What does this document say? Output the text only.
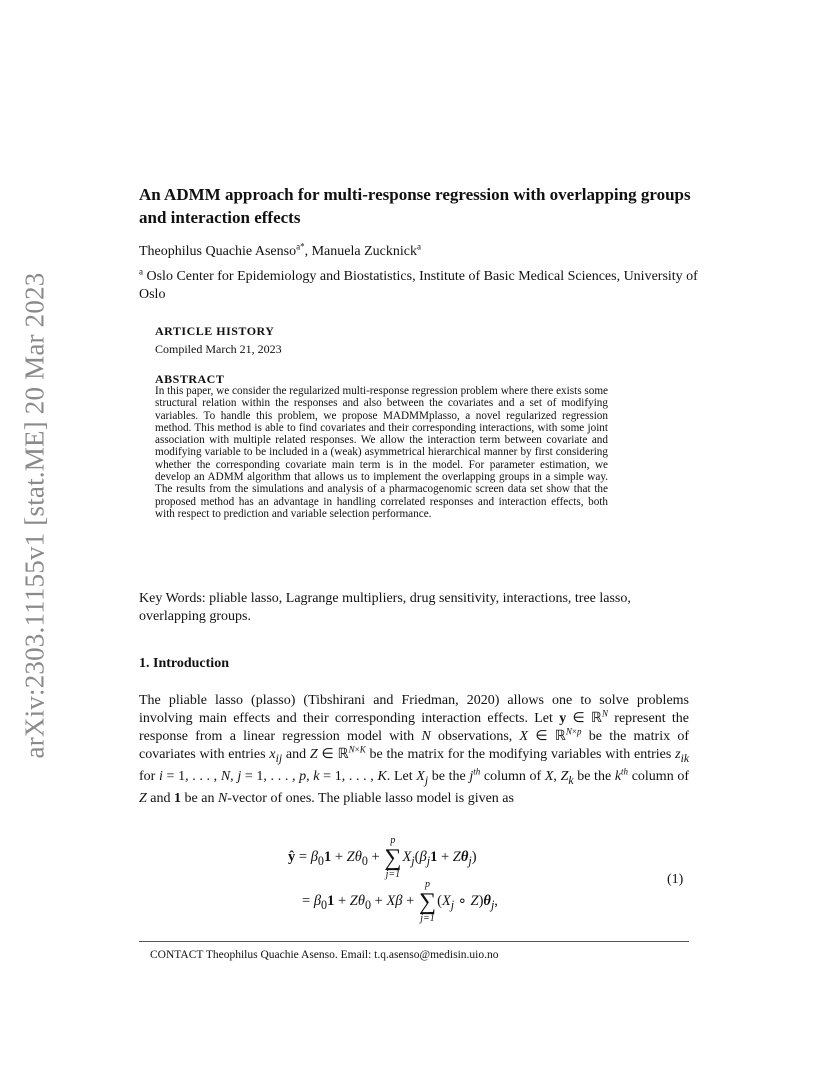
arXiv:2303.11155v1 [stat.ME] 20 Mar 2023
An ADMM approach for multi-response regression with overlapping groups and interaction effects
Theophilus Quachie Asenso$^{a*}$, Manuela Zucknick$^a$
$^a$ Oslo Center for Epidemiology and Biostatistics, Institute of Basic Medical Sciences, University of Oslo
ARTICLE HISTORY
Compiled March 21, 2023
ABSTRACT
In this paper, we consider the regularized multi-response regression problem where there exists some structural relation within the responses and also between the covariates and a set of modifying variables. To handle this problem, we propose MADMMplasso, a novel regularized regression method. This method is able to find covariates and their corresponding interactions, with some joint association with multiple related responses. We allow the interaction term between covariate and modifying variable to be included in a (weak) asymmetrical hierarchical manner by first considering whether the corresponding covariate main term is in the model. For parameter estimation, we develop an ADMM algorithm that allows us to implement the overlapping groups in a simple way. The results from the simulations and analysis of a pharmacogenomic screen data set show that the proposed method has an advantage in handling correlated responses and interaction effects, both with respect to prediction and variable selection performance.
Key Words: pliable lasso, Lagrange multipliers, drug sensitivity, interactions, tree lasso, overlapping groups.
1. Introduction
The pliable lasso (plasso) (Tibshirani and Friedman, 2020) allows one to solve problems involving main effects and their corresponding interaction effects. Let y ∈ ℝ$^N$ represent the response from a linear regression model with N observations, X ∈ ℝ$^{N\times p}$ be the matrix of covariates with entries $x_{ij}$ and Z ∈ ℝ$^{N\times K}$ be the matrix for the modifying variables with entries $z_{ik}$ for i = 1, . . . , N, j = 1, . . . , p, k = 1, . . . , K. Let $X_j$ be the $j^{th}$ column of X, $Z_k$ be the $k^{th}$ column of Z and 1 be an N-vector of ones. The pliable lasso model is given as
ŷ = $\beta_01 + Z\theta_0$ +
p
∑
j=1
$X_j(\beta_j1 + Z\theta_j)$
= $\beta_01 + Z\theta_0 + X\beta$ +
p
∑
j=1
($X_j$ ∘ $Z)\theta_j$,
(1)
CONTACT Theophilus Quachie Asenso. Email: t.q.asenso@medisin.uio.no
